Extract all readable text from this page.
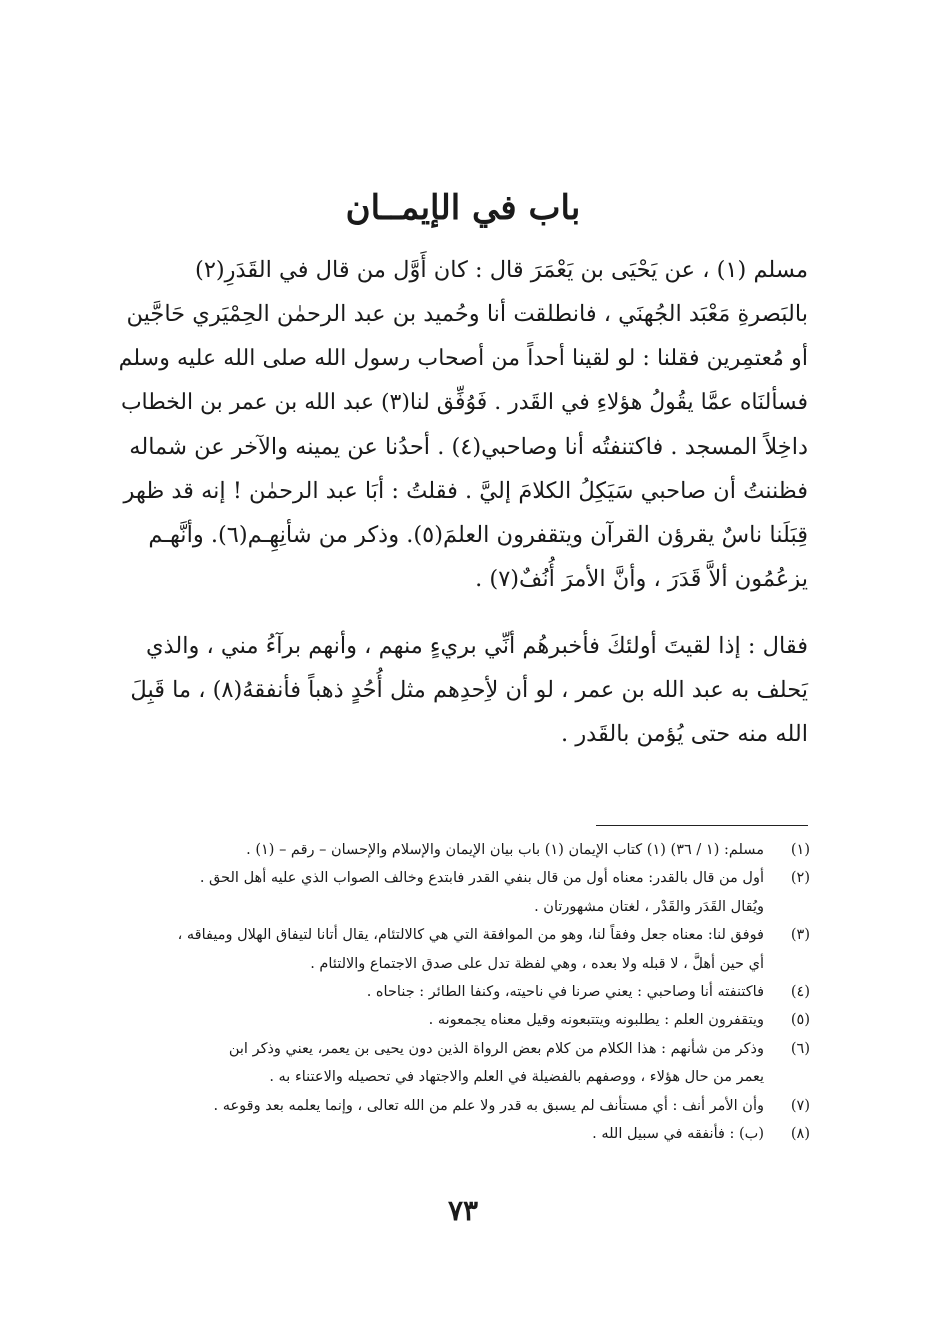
باب في الإيمــان

مسلم (١) ، عن يَحْيَى بن يَعْمَرَ قال : كان أَوَّل من قال في القَدَرِ(٢)
بالبَصرةِ مَعْبَد الجُهنَي ، فانطلقت أنا وحُميد بن عبد الرحمٰن الحِمْيَري حَاجَّين
أو مُعتمِرين فقلنا : لو لقينا أحداً من أصحاب رسول الله صلى الله عليه وسلم
فسألنَاه عمَّا يقُولُ هؤلاءِ في القَدر . فَوُفِّق لنا(٣) عبد الله بن عمر بن الخطاب
داخِلاً المسجد . فاكتنفتُه أنا وصاحبي(٤) . أحدُنا عن يمينه والآخر عن شماله
فظننتُ أن صاحبي سَيَكِلُ الكلامَ إليَّ . فقلتُ : أبَا عبد الرحمٰن ! إنه قد ظهر
قِبَلَنا ناسٌ يقرؤن القرآن ويتقفرون العلمَ(٥). وذكر من شأنِهِـم(٦). وأنَّهـم
يزعُمُون ألاَّ قَدَرَ ، وأنَّ الأمرَ أُنُفٌ(٧) .

فقال : إذا لقيتَ أولئكَ فأخبرهُم أنِّي بريءٍ منهم ، وأنهم برآءُ مني ، والذي
يَحلف به عبد الله بن عمر ، لو أن لأِحدِهم مثل أُحُدٍ ذهباً فأنفقهُ(٨) ، ما قَبِلَ
الله منه حتى يُؤمن بالقَدر .

(١)
مسلم: (١ / ٣٦) (١) كتاب الإيمان (١) باب بيان الإيمان والإسلام والإحسان – رقم – (١) .
(٢)
أول من قال بالقدر: معناه أول من قال بنفي القدر فابتدع وخالف الصواب الذي عليه أهل الحق .
ويُقال القَدَر والقَدْر ، لغتان مشهورتان .
(٣)
فوفق لنا: معناه جعل وفقاً لنا، وهو من الموافقة التي هي كالالتئام، يقال أتانا لتيفاق الهلال وميفاقه ،
أي حين أهلَّ ، لا قبله ولا بعده ، وهي لفظة تدل على صدق الاجتماع والالتئام .
(٤)
فاكتنفته أنا وصاحبي : يعني صرنا في ناحيته، وكنفا الطائر : جناحاه .
(٥)
ويتقفرون العلم : يطلبونه ويتتبعونه وقيل معناه يجمعونه .
(٦)
وذكر من شأنهم : هذا الكلام من كلام بعض الرواة الذين دون يحيى بن يعمر، يعني وذكر ابن
يعمر من حال هؤلاء ، ووصفهم بالفضيلة في العلم والاجتهاد في تحصيله والاعتناء به .
(٧)
وأن الأمر أنف : أي مستأنف لم يسبق به قدر ولا علم من الله تعالى ، وإنما يعلمه بعد وقوعه .
(٨)
(ب) : فأنفقه في سبيل الله .
٧٣
